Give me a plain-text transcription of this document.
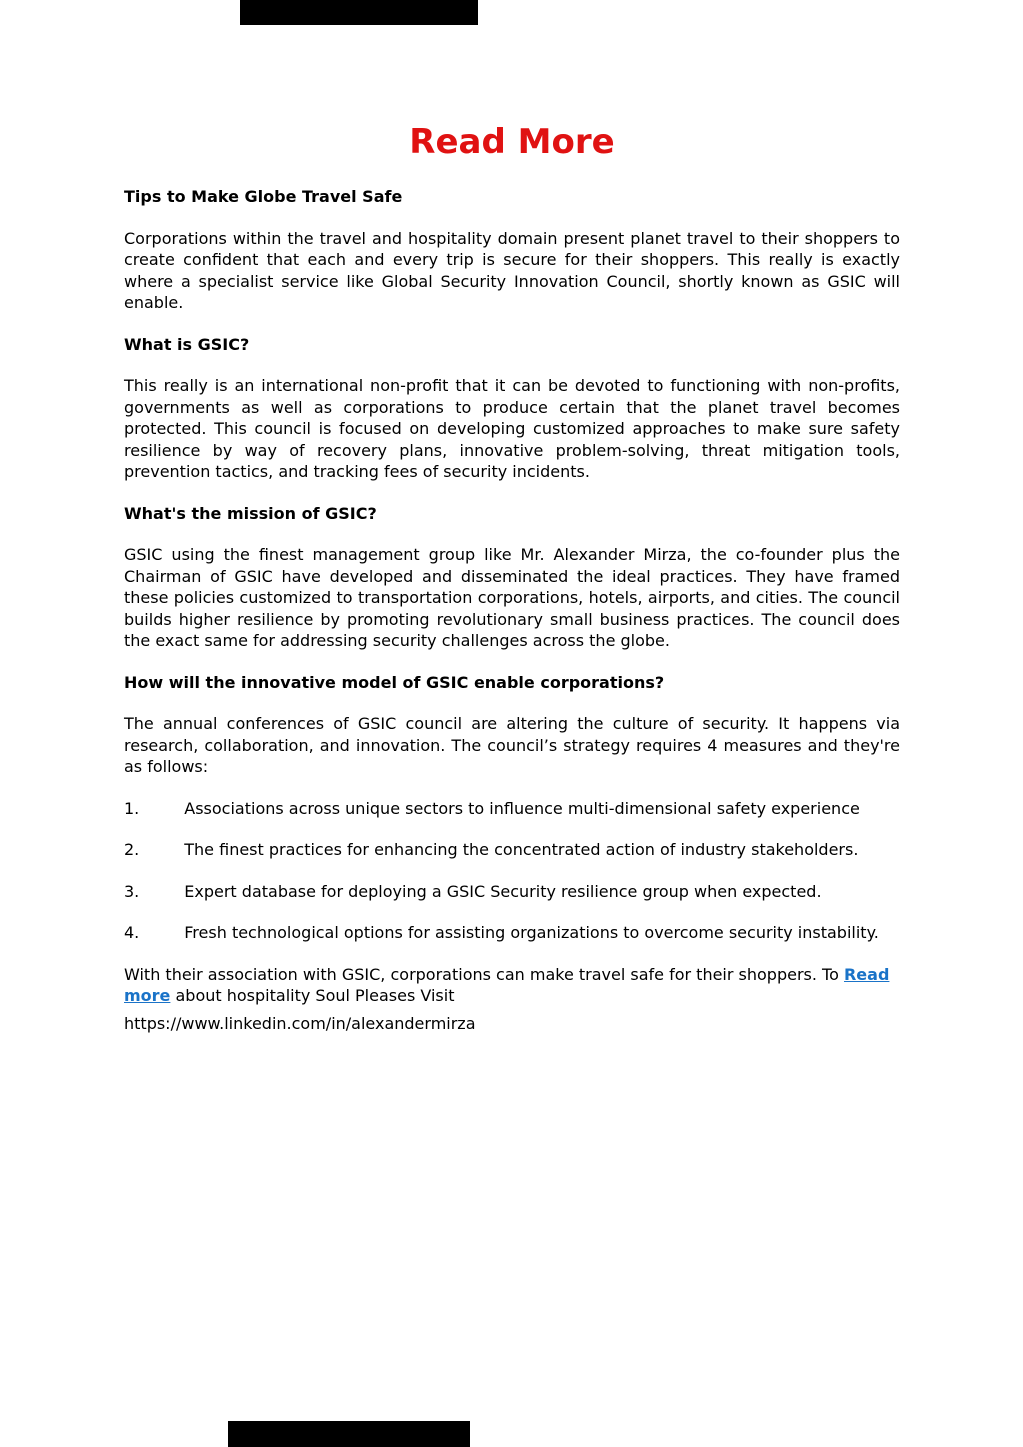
Read More
Tips to Make Globe Travel Safe
Corporations within the travel and hospitality domain present planet travel to their shoppers to create confident that each and every trip is secure for their shoppers. This really is exactly where a specialist service like Global Security Innovation Council, shortly known as GSIC will enable.
What is GSIC?
This really is an international non-profit that it can be devoted to functioning with non-profits, governments as well as corporations to produce certain that the planet travel becomes protected. This council is focused on developing customized approaches to make sure safety resilience by way of recovery plans, innovative problem-solving, threat mitigation tools, prevention tactics, and tracking fees of security incidents.
What's the mission of GSIC?
GSIC using the finest management group like Mr. Alexander Mirza, the co-founder plus the Chairman of GSIC have developed and disseminated the ideal practices. They have framed these policies customized to transportation corporations, hotels, airports, and cities. The council builds higher resilience by promoting revolutionary small business practices. The council does the exact same for addressing security challenges across the globe.
How will the innovative model of GSIC enable corporations?
The annual conferences of GSIC council are altering the culture of security. It happens via research, collaboration, and innovation. The council’s strategy requires 4 measures and they're as follows:
1.	Associations across unique sectors to influence multi-dimensional safety experience
2.	The finest practices for enhancing the concentrated action of industry stakeholders.
3.	Expert database for deploying a GSIC Security resilience group when expected.
4.	Fresh technological options for assisting organizations to overcome security instability.
With their association with GSIC, corporations can make travel safe for their shoppers. To Read more about hospitality Soul Pleases Visit
https://www.linkedin.com/in/alexandermirza
